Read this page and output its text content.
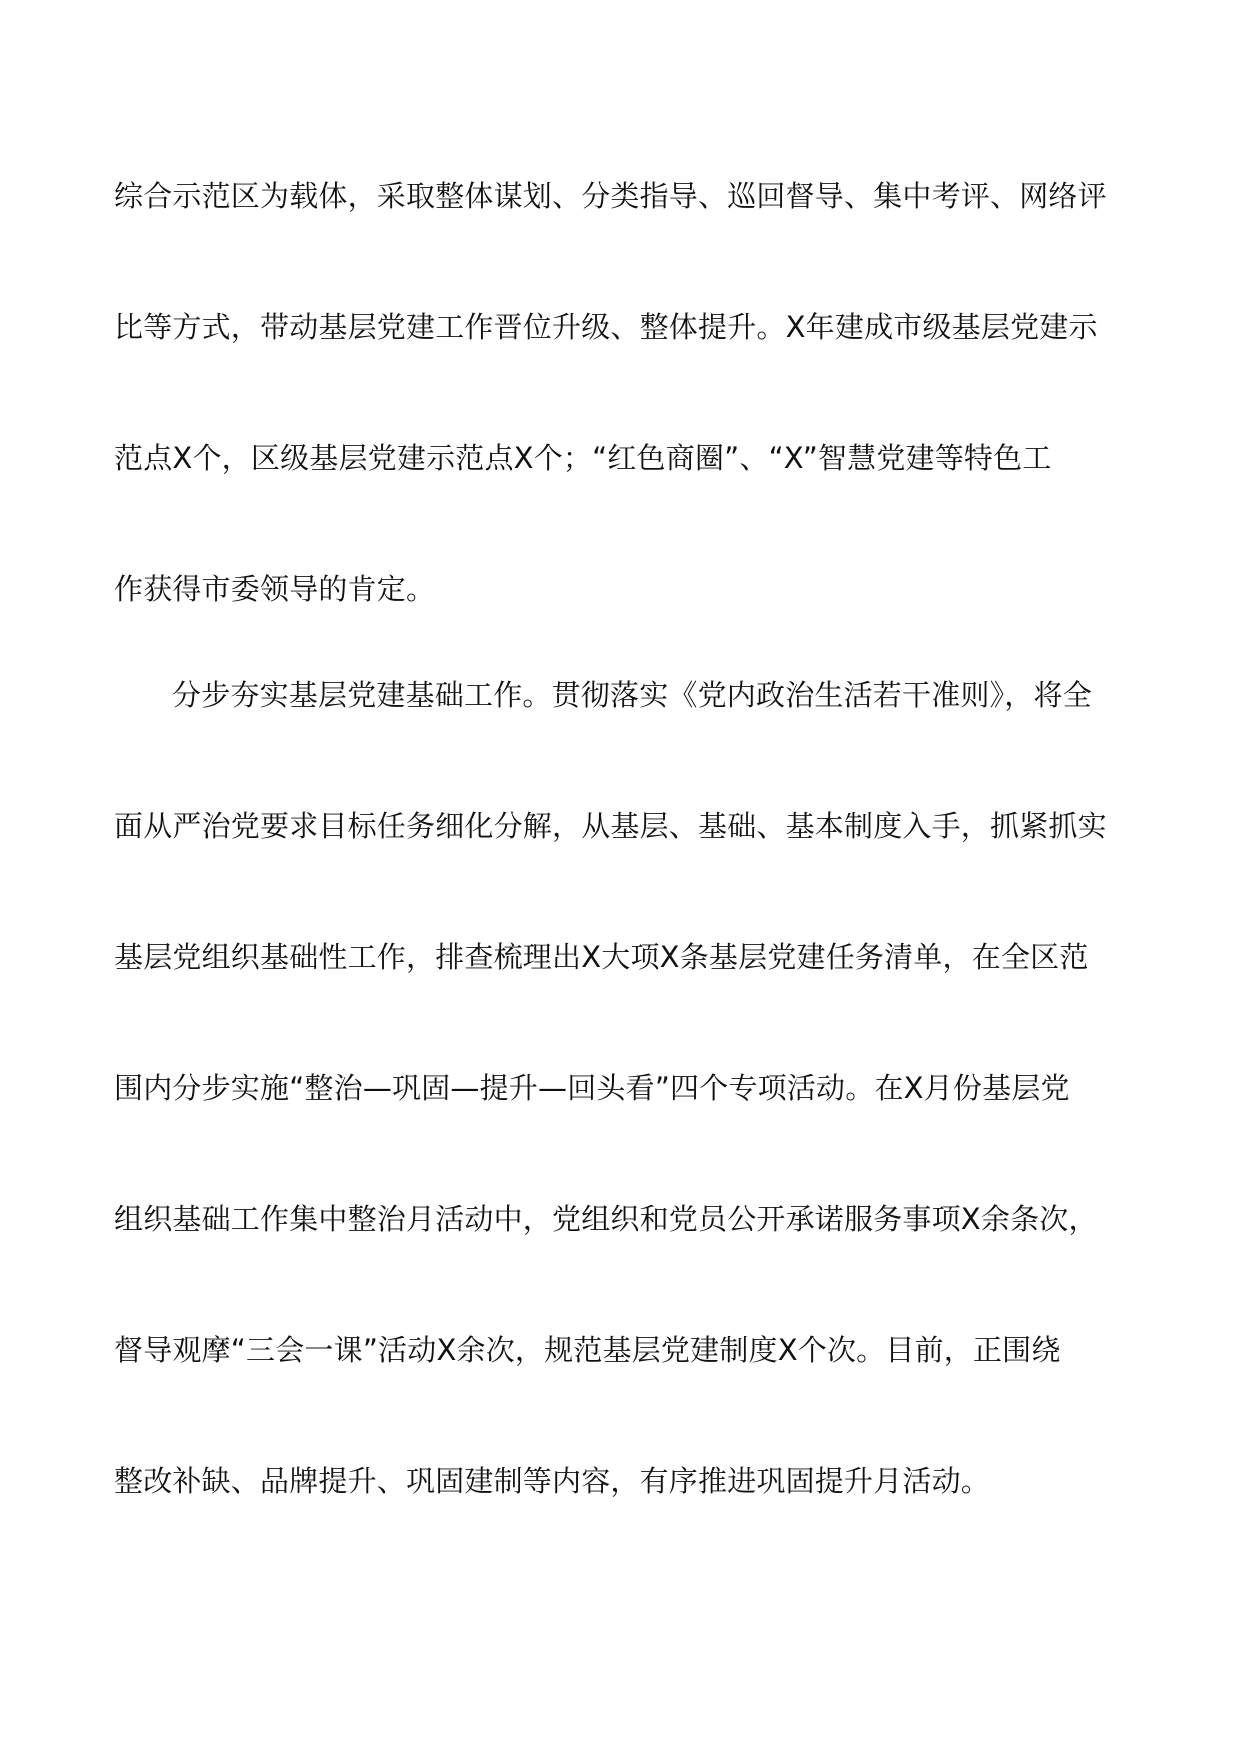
综合示范区为载体，采取整体谋划、分类指导、巡回督导、集中考评、网络评
比等方式，带动基层党建工作晋位升级、整体提升。X年建成市级基层党建示
范点X个，区级基层党建示范点X个；“红色商圈”、“X”智慧党建等特色工
作获得市委领导的肯定。
分步夯实基层党建基础工作。贯彻落实《党内政治生活若干准则》，将全
面从严治党要求目标任务细化分解，从基层、基础、基本制度入手，抓紧抓实
基层党组织基础性工作，排查梳理出X大项X条基层党建任务清单，在全区范
围内分步实施“整治—巩固—提升—回头看”四个专项活动。在X月份基层党
组织基础工作集中整治月活动中，党组织和党员公开承诺服务事项X余条次，
督导观摩“三会一课”活动X余次，规范基层党建制度X个次。目前，正围绕
整改补缺、品牌提升、巩固建制等内容，有序推进巩固提升月活动。
